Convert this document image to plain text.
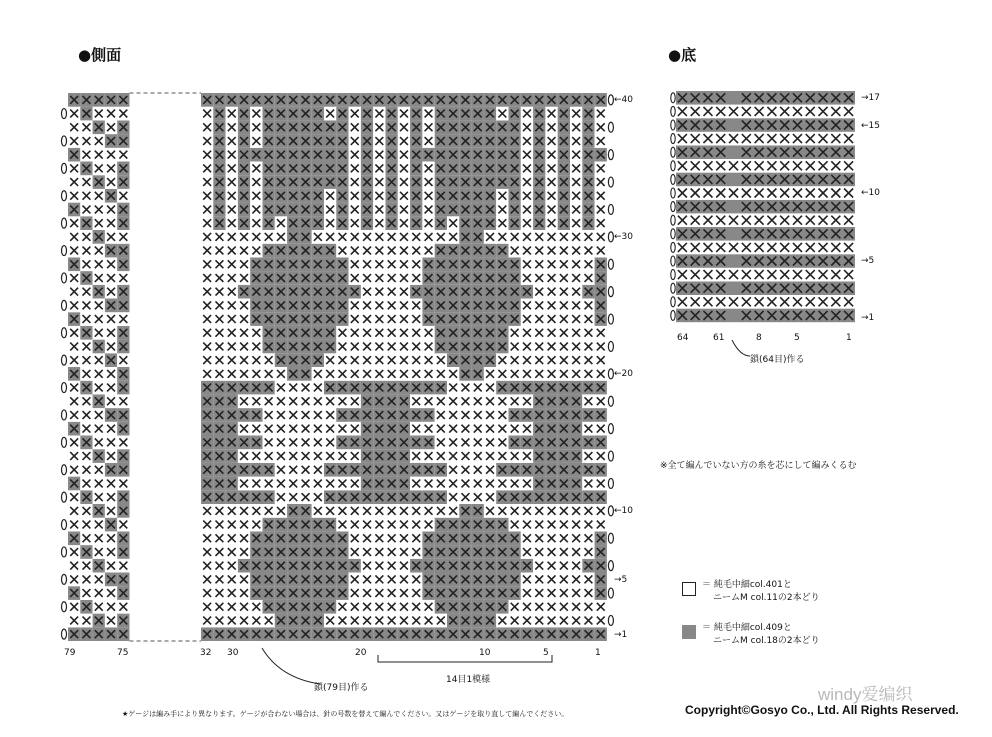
●側面	●底
←40
←30
←20
←10
→5
→1
79	75	32 30	20	10	5	1
14目1模様
鎖(79目)作る
→17
←15
←10
→5
→1
64	61	8	5	1
鎖(64目)作る
※全て編んでいない方の糸を芯にして編みくるむ
＝ 純毛中細col.401と
ニームM col.11の2本どり
＝ 純毛中細col.409と
ニームM col.18の2本どり
★ゲージは編み手により異なります。ゲージが合わない場合は、針の号数を替えて編んでください。又はゲージを取り直して編んでください。
windy爱编织
Copyright©Gosyo Co., Ltd. All Rights Reserved.
